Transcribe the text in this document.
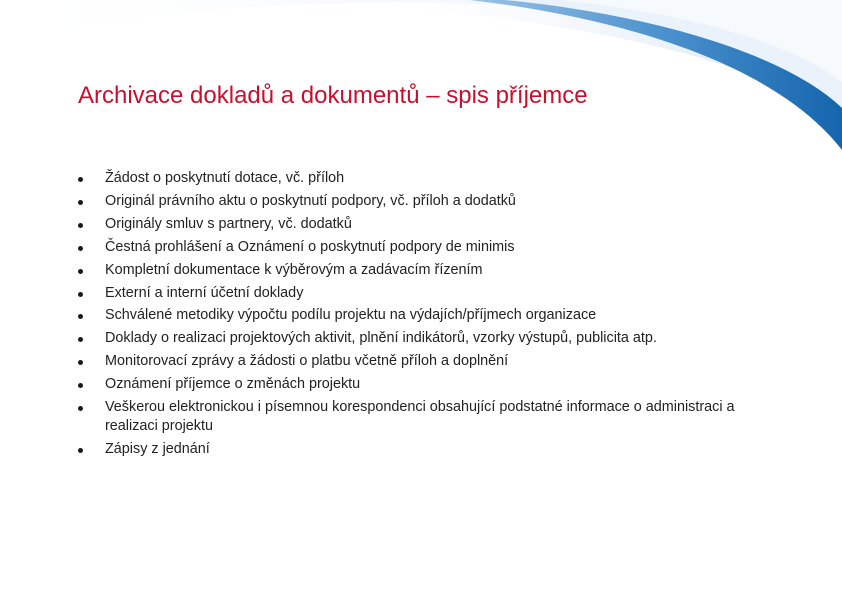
Archivace dokladů a dokumentů – spis příjemce
Žádost o poskytnutí dotace, vč. příloh
Originál právního aktu o poskytnutí podpory, vč. příloh a dodatků
Originály smluv s partnery, vč. dodatků
Čestná prohlášení a Oznámení o poskytnutí podpory de minimis
Kompletní dokumentace k výběrovým a zadávacím řízením
Externí a interní účetní doklady
Schválené metodiky výpočtu podílu projektu na výdajích/příjmech organizace
Doklady o realizaci projektových aktivit, plnění indikátorů, vzorky výstupů, publicita atp.
Monitorovací zprávy a žádosti o platbu včetně příloh a doplnění
Oznámení příjemce o změnách projektu
Veškerou elektronickou i písemnou korespondenci obsahující podstatné informace o administraci a realizaci projektu
Zápisy z jednání
